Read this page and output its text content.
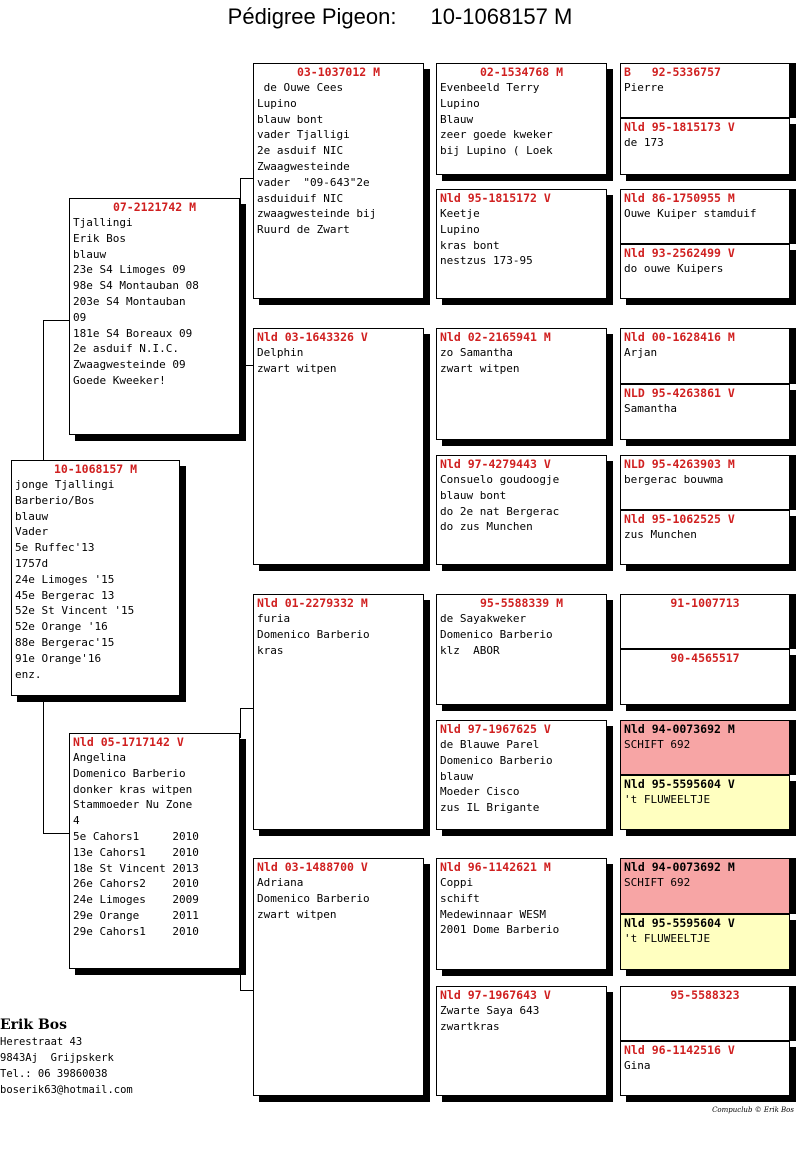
Pédigree Pigeon: 10-1068157 M
10-1068157 M
jonge Tjallingi
Barberio/Bos
blauw
Vader
5e Ruffec'13
1757d
24e Limoges '15
45e Bergerac 13
52e St Vincent '15
52e Orange '16
88e Bergerac'15
91e Orange'16
enz.
07-2121742 M
Tjallingi
Erik Bos
blauw
23e S4 Limoges 09
98e S4 Montauban 08
203e S4 Montauban
09
181e S4 Boreaux 09
2e asduif N.I.C.
Zwaagwesteinde 09
Goede Kweeker!
Nld 05-1717142 V
Angelina
Domenico Barberio
donker kras witpen
Stammoeder Nu Zone
4
5e Cahors1     2010
13e Cahors1    2010
18e St Vincent 2013
26e Cahors2    2010
24e Limoges    2009
29e Orange     2011
29e Cahors1    2010
03-1037012 M
de Ouwe Cees
Lupino
blauw bont
vader Tjalligi
2e asduif NIC
Zwaagwesteinde
vader  "09-643"2e
asduiduif NIC
zwaagwesteinde bij
Ruurd de Zwart
Nld 03-1643326 V
Delphin
zwart witpen
Nld 01-2279332 M
furia
Domenico Barberio
kras
Nld 03-1488700 V
Adriana
Domenico Barberio
zwart witpen
02-1534768 M
Evenbeeld Terry
Lupino
Blauw
zeer goede kweker
bij Lupino ( Loek
Nld 95-1815172 V
Keetje
Lupino
kras bont
nestzus 173-95
Nld 02-2165941 M
zo Samantha
zwart witpen
Nld 97-4279443 V
Consuelo goudoogje
blauw bont
do 2e nat Bergerac
do zus Munchen
95-5588339 M
de Sayakweker
Domenico Barberio
klz  ABOR
Nld 97-1967625 V
de Blauwe Parel
Domenico Barberio
blauw
Moeder Cisco
zus IL Brigante
Nld 96-1142621 M
Coppi
schift
Medewinnaar WESM
2001 Dome Barberio
Nld 97-1967643 V
Zwarte Saya 643
zwartkras
B   92-5336757
Pierre
Nld 95-1815173 V
de 173
Nld 86-1750955 M
Ouwe Kuiper stamduif
Nld 93-2562499 V
do ouwe Kuipers
Nld 00-1628416 M
Arjan
NLD 95-4263861 V
Samantha
NLD 95-4263903 M
bergerac bouwma
Nld 95-1062525 V
zus Munchen
91-1007713
90-4565517
Nld 94-0073692 M
SCHIFT 692
Nld 95-5595604 V
't FLUWEELTJE
Nld 94-0073692 M
SCHIFT 692
Nld 95-5595604 V
't FLUWEELTJE
95-5588323
Nld 96-1142516 V
Gina
Erik Bos
Herestraat 43
9843Aj  Grijpskerk
Tel.: 06 39860038
boserik63@hotmail.com
Compuclub © Erik Bos
